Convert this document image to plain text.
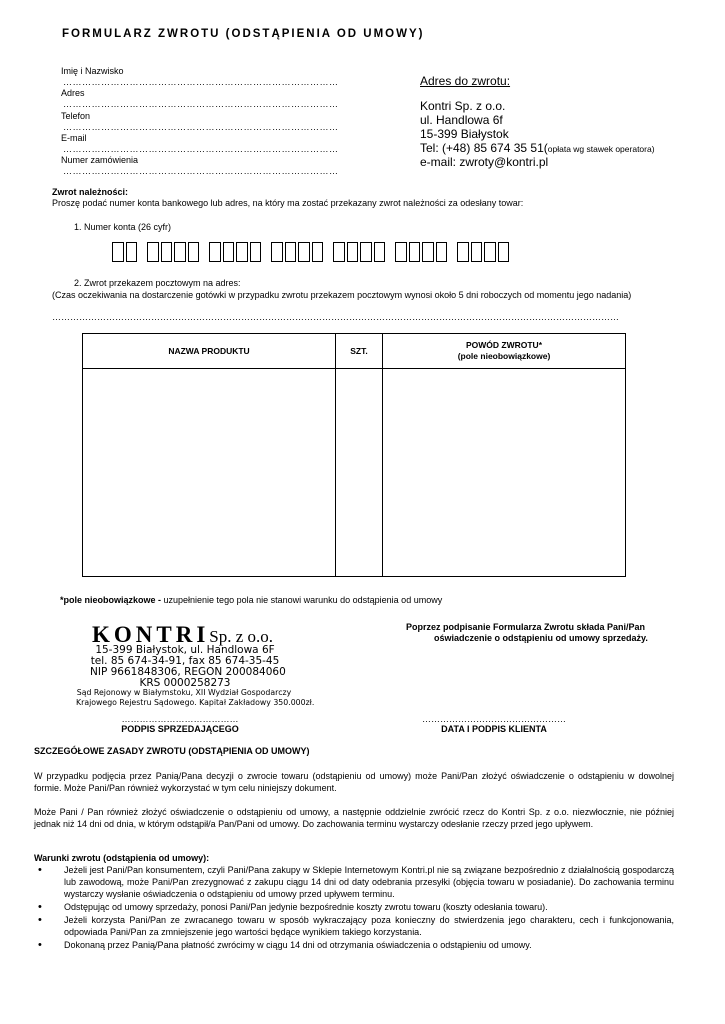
FORMULARZ ZWROTU (ODSTĄPIENIA OD UMOWY)
Imię i Nazwisko
……………………………………………………………………………
Adres
……………………………………………………………………………
Telefon
……………………………………………………………………………
E-mail
……………………………………………………………………………
Numer zamówienia
……………………………………………………………………………
Adres do zwrotu:
Kontri Sp. z o.o.
ul. Handlowa 6f
15-399 Białystok
Tel: (+48) 85 674 35 51(opłata wg stawek operatora)
e-mail: zwroty@kontri.pl
Zwrot należności:
Proszę podać numer konta bankowego lub adres, na który ma zostać przekazany zwrot należności za odesłany towar:
1. Numer konta (26 cyfr)
2. Zwrot przekazem pocztowym na adres:
(Czas oczekiwania na dostarczenie gotówki w przypadku zwrotu przekazem pocztowym wynosi około 5 dni roboczych od momentu jego nadania)
………………………………………………………………………………………………………………………………………………………………………
NAZWA PRODUKTU	SZT.	POWÓD ZWROTU*
(pole nieobowiązkowe)

*pole nieobowiązkowe - uzupełnienie tego pola nie stanowi warunku do odstąpienia od umowy
Poprzez podpisanie Formularza Zwrotu składa Pani/Pan
oświadczenie o odstąpieniu od umowy sprzedaży.
KONTRISp. z o.o.
15-399 Białystok, ul. Handlowa 6F
tel. 85 674-34-91, fax 85 674-35-45
NIP 9661848306, REGON 200084060
KRS 0000258273
Sąd Rejonowy w Białymstoku, XII Wydział Gospodarczy
Krajowego Rejestru Sądowego. Kapitał Zakładowy 350.000zł.
…………………………………
PODPIS SPRZEDAJĄCEGO
…………………………………………
DATA I PODPIS KLIENTA
SZCZEGÓŁOWE ZASADY ZWROTU (ODSTĄPIENIA OD UMOWY)
W przypadku podjęcia przez Panią/Pana decyzji o zwrocie towaru (odstąpieniu od umowy) może Pani/Pan złożyć oświadczenie o odstąpieniu w dowolnej formie. Może Pani/Pan również wykorzystać w tym celu niniejszy dokument.
Może Pani / Pan również złożyć oświadczenie o odstąpieniu od umowy, a następnie oddzielnie zwrócić rzecz do Kontri Sp. z o.o. niezwłocznie, nie później jednak niż 14 dni od dnia, w którym odstąpił/a Pan/Pani od umowy. Do zachowania terminu wystarczy odesłanie rzeczy przed jego upływem.
Warunki zwrotu (odstąpienia od umowy):
• Jeżeli jest Pani/Pan konsumentem, czyli Pani/Pana zakupy w Sklepie Internetowym Kontri.pl nie są związane bezpośrednio z działalnością gospodarczą lub zawodową, może Pani/Pan zrezygnować z zakupu ciągu 14 dni od daty odebrania przesyłki (objęcia towaru w posiadanie). Do zachowania terminu wystarczy wysłanie oświadczenia o odstąpieniu od umowy przed upływem terminu.
• Odstępując od umowy sprzedaży, ponosi Pani/Pan jedynie bezpośrednie koszty zwrotu towaru (koszty odesłania towaru).
• Jeżeli korzysta Pani/Pan ze zwracanego towaru w sposób wykraczający poza konieczny do stwierdzenia jego charakteru, cech i funkcjonowania, odpowiada Pani/Pan za zmniejszenie jego wartości będące wynikiem takiego korzystania.
• Dokonaną przez Panią/Pana płatność zwrócimy w ciągu 14 dni od otrzymania oświadczenia o odstąpieniu od umowy.
